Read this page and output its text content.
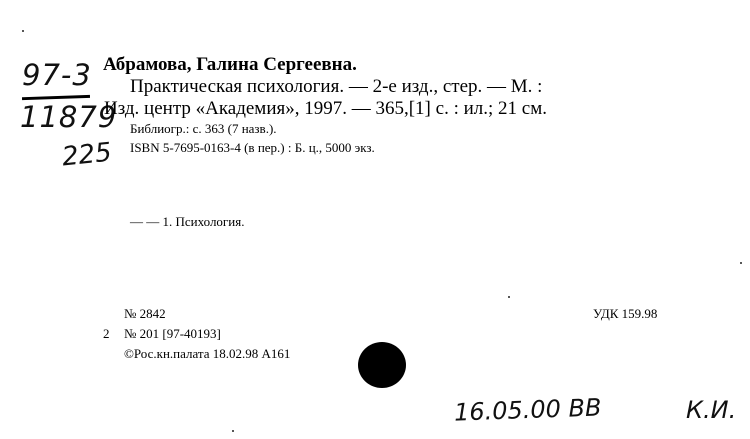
97-3
11879
225
Абрамова, Галина Сергеевна.
Практическая психология. — 2-е изд., стер. — М. :
Изд. центр «Академия», 1997. — 365,[1] с. : ил.; 21 см.
Библиогр.: с. 363 (7 назв.).
ISBN 5-7695-0163-4 (в пер.) : Б. ц., 5000 экз.
— — 1. Психология.
№ 2842
2 № 201 [97-40193]
©Рос.кн.палата 18.02.98 А161
УДК 159.98
16.05.00 BB	К.И.
